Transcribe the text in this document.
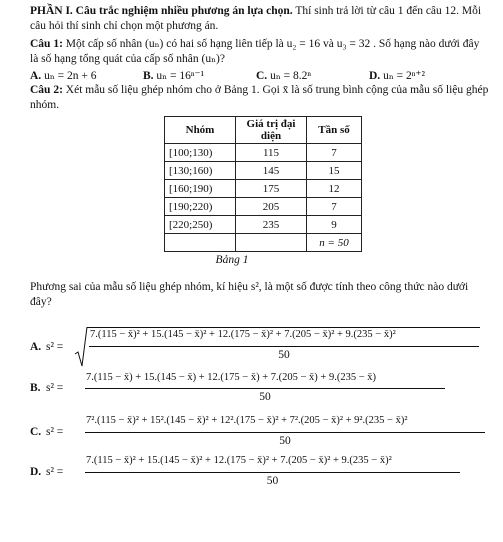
PHẦN I. Câu trắc nghiệm nhiều phương án lựa chọn. Thí sinh trả lời từ câu 1 đến câu 12. Mỗi câu hỏi thí sinh chỉ chọn một phương án.

Câu 1: Một cấp số nhân (uₙ) có hai số hạng liên tiếp là u₂ = 16 và u₃ = 32 . Số hạng nào dưới đây là số hạng tổng quát của cấp số nhân (uₙ)?

A. uₙ = 2n + 6	B. uₙ = 16ⁿ⁻¹	C. uₙ = 8.2ⁿ	D. uₙ = 2ⁿ⁺²

Câu 2: Xét mẫu số liệu ghép nhóm cho ở Bảng 1. Gọi x̄ là số trung bình cộng của mẫu số liệu ghép nhóm.

Nhóm	Giá trị đại diện	Tần số
[100;130)	115	7
[130;160)	145	15
[160;190)	175	12
[190;220)	205	7
[220;250)	235	9
		n = 50
Bảng 1

Phương sai của mẫu số liệu ghép nhóm, kí hiệu s², là một số được tính theo công thức nào dưới đây?

A. s² =
7.(115 − x̄)² + 15.(145 − x̄)² + 12.(175 − x̄)² + 7.(205 − x̄)² + 9.(235 − x̄)²
50
B. s² =
7.(115 − x̄) + 15.(145 − x̄) + 12.(175 − x̄) + 7.(205 − x̄) + 9.(235 − x̄)
50
C. s² =
7².(115 − x̄)² + 15².(145 − x̄)² + 12².(175 − x̄)² + 7².(205 − x̄)² + 9².(235 − x̄)²
50
D. s² =
7.(115 − x̄)² + 15.(145 − x̄)² + 12.(175 − x̄)² + 7.(205 − x̄)² + 9.(235 − x̄)²
50
